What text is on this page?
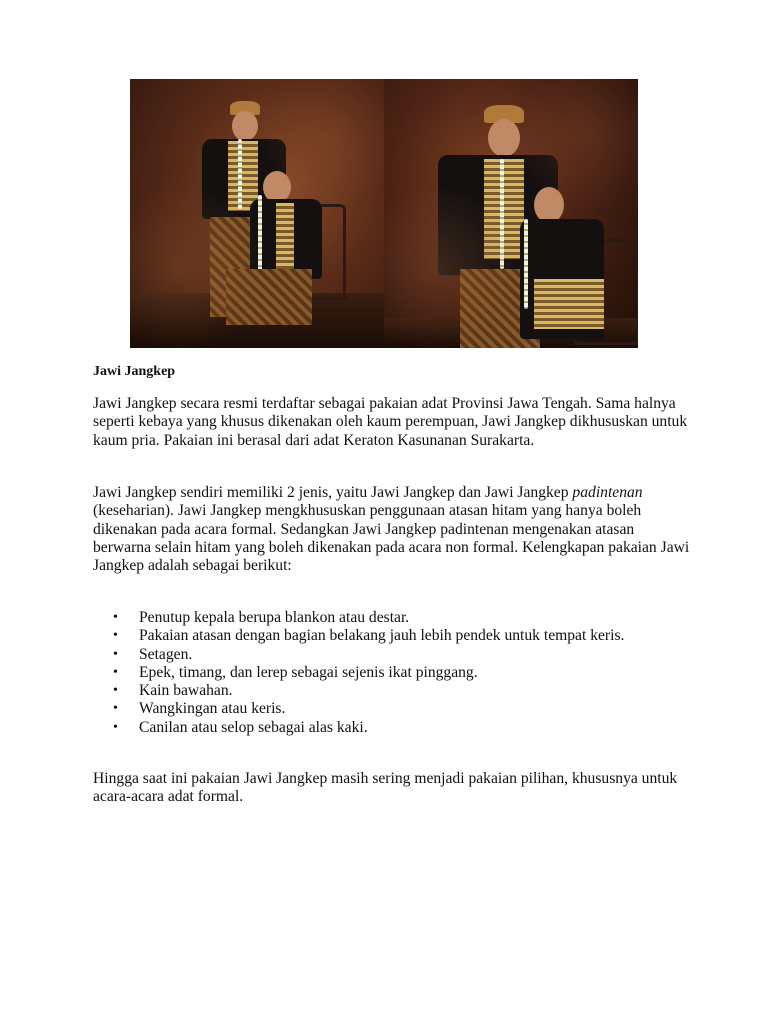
Jawi Jangkep

Jawi Jangkep secara resmi terdaftar sebagai pakaian adat Provinsi Jawa Tengah. Sama halnya seperti kebaya yang khusus dikenakan oleh kaum perempuan, Jawi Jangkep dikhususkan untuk kaum pria. Pakaian ini berasal dari adat Keraton Kasunanan Surakarta.

Jawi Jangkep sendiri memiliki 2 jenis, yaitu Jawi Jangkep dan Jawi Jangkep padintenan (keseharian). Jawi Jangkep mengkhususkan penggunaan atasan hitam yang hanya boleh dikenakan pada acara formal. Sedangkan Jawi Jangkep padintenan mengenakan atasan berwarna selain hitam yang boleh dikenakan pada acara non formal. Kelengkapan pakaian Jawi Jangkep adalah sebagai berikut:

• Penutup kepala berupa blankon atau destar.
• Pakaian atasan dengan bagian belakang jauh lebih pendek untuk tempat keris.
• Setagen.
• Epek, timang, dan lerep sebagai sejenis ikat pinggang.
• Kain bawahan.
• Wangkingan atau keris.
• Canilan atau selop sebagai alas kaki.

Hingga saat ini pakaian Jawi Jangkep masih sering menjadi pakaian pilihan, khususnya untuk acara-acara adat formal.
